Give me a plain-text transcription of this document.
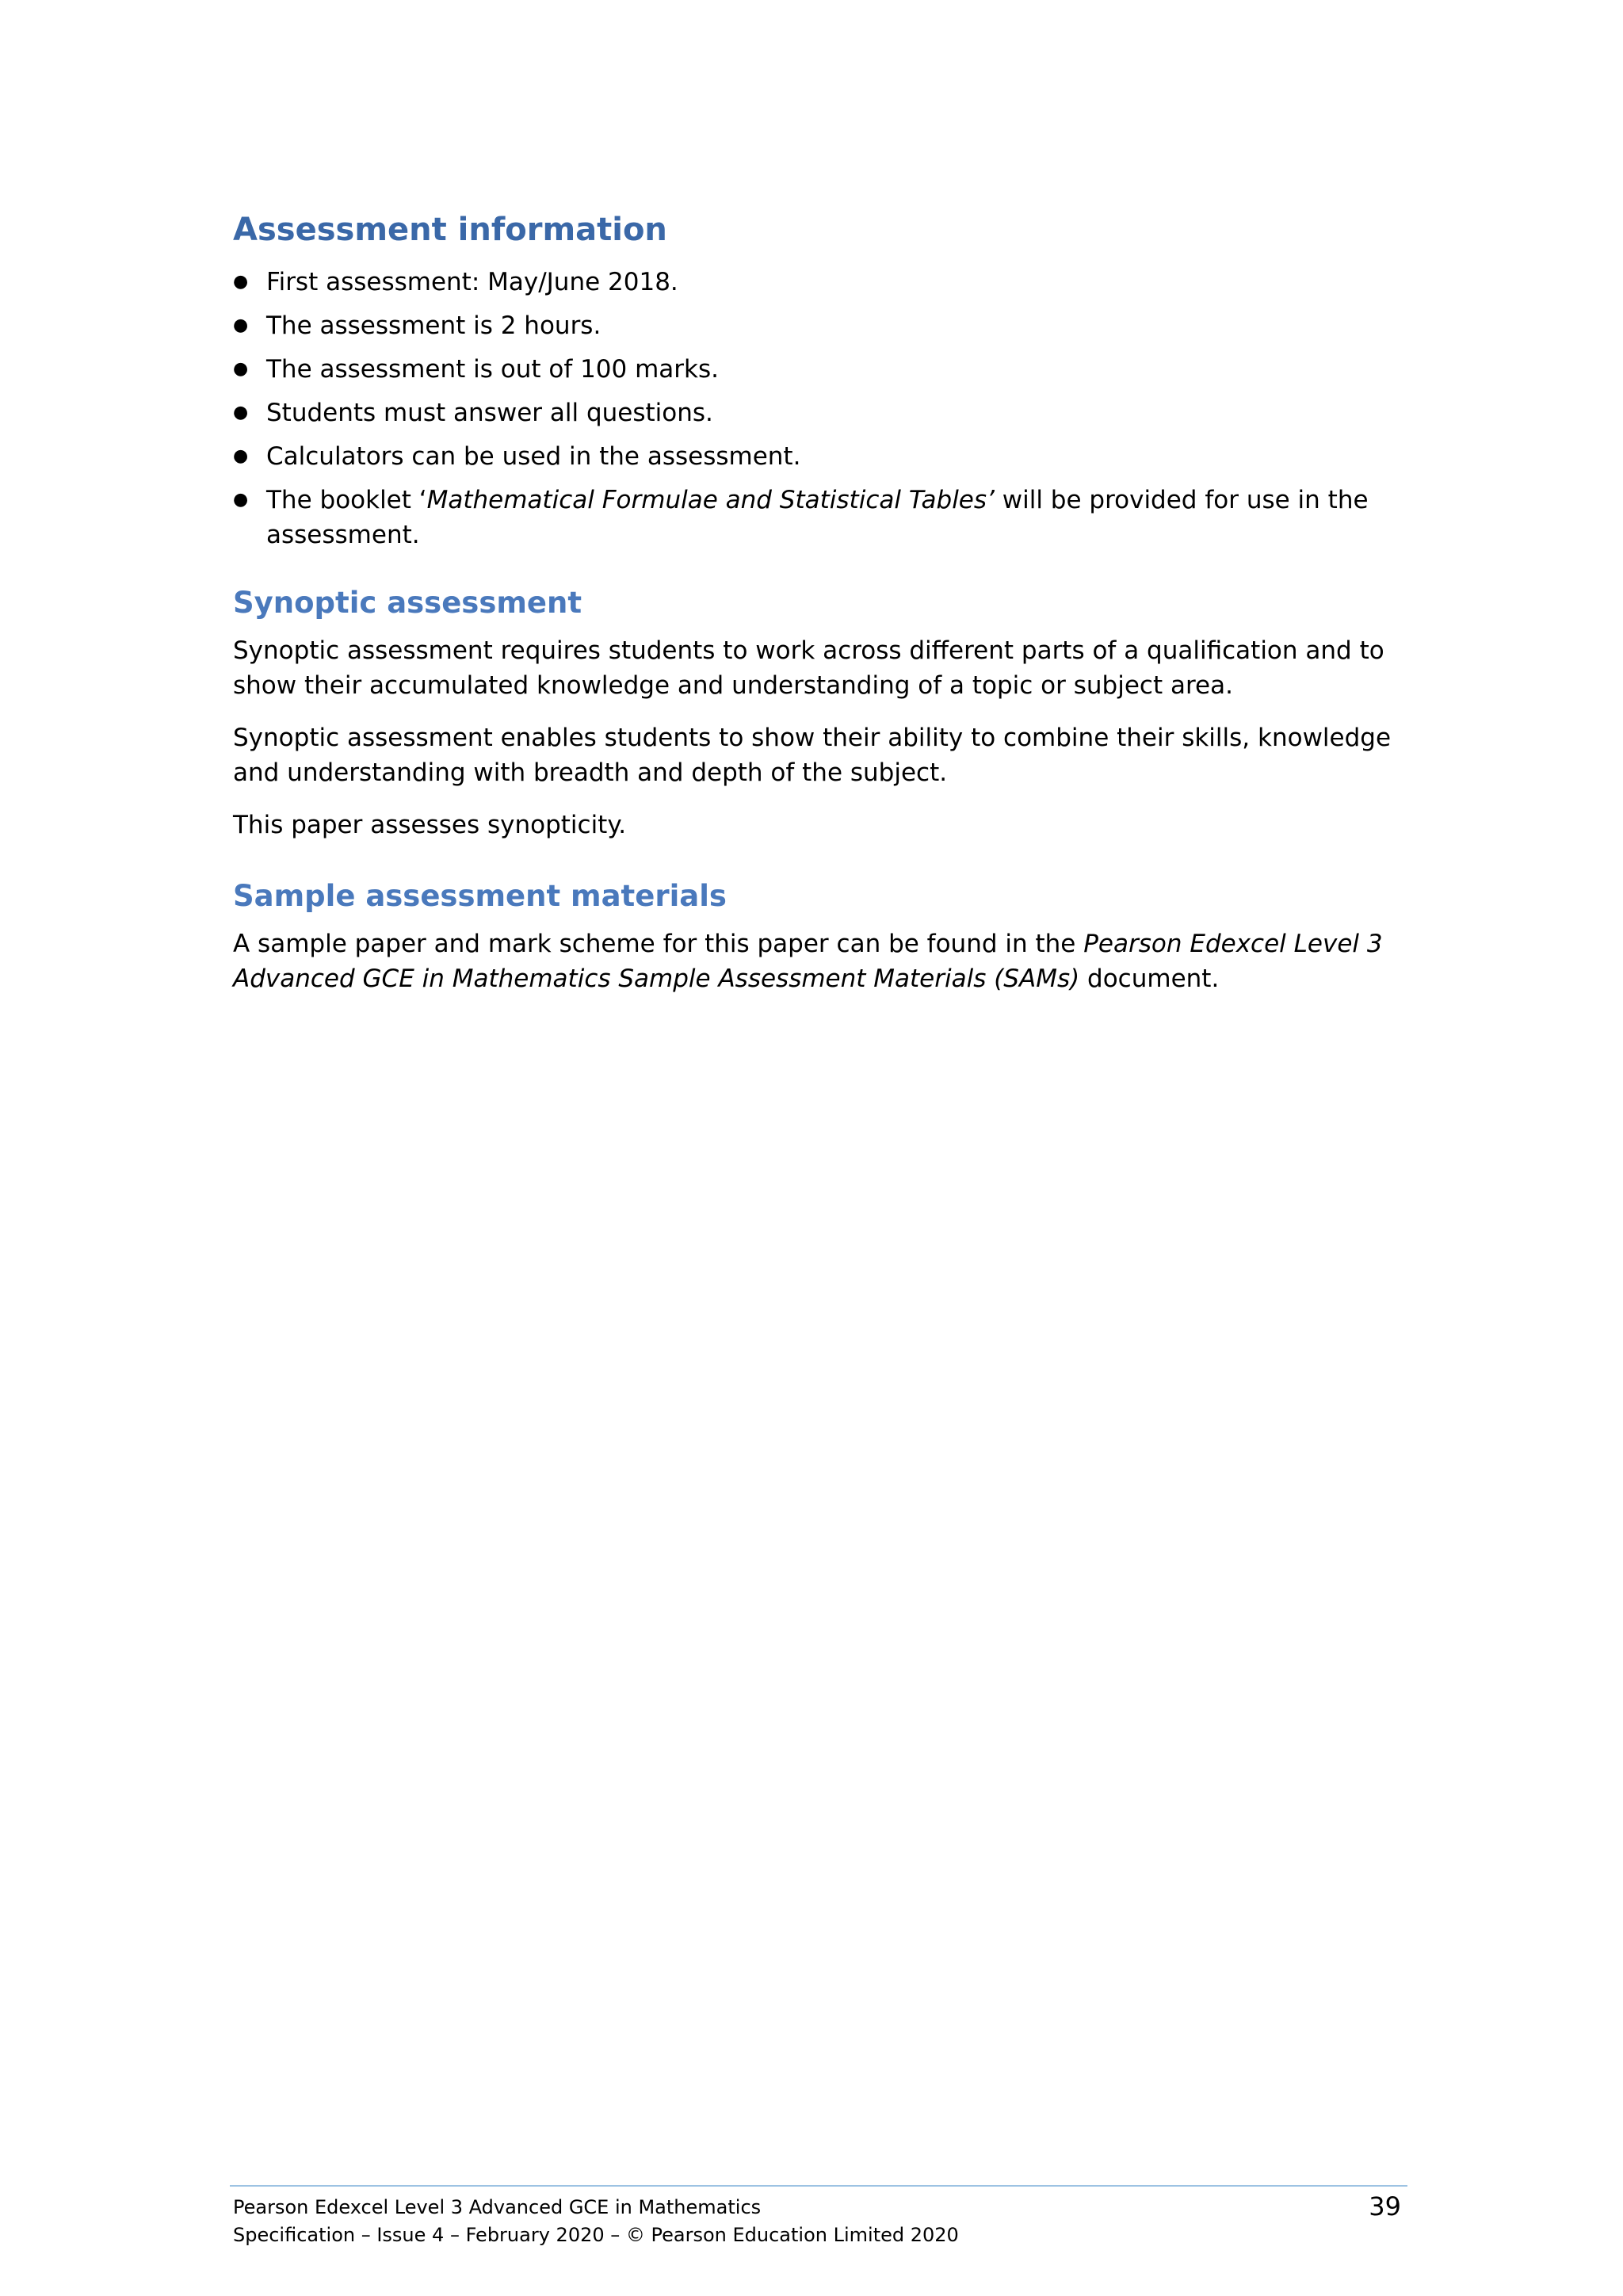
Assessment information
● First assessment: May/June 2018.
● The assessment is 2 hours.
● The assessment is out of 100 marks.
● Students must answer all questions.
● Calculators can be used in the assessment.
● The booklet ‘Mathematical Formulae and Statistical Tables’ will be provided for use in the assessment.
Synoptic assessment

Synoptic assessment requires students to work across different parts of a qualification and to show their accumulated knowledge and understanding of a topic or subject area.

Synoptic assessment enables students to show their ability to combine their skills, knowledge and understanding with breadth and depth of the subject.

This paper assesses synopticity.

Sample assessment materials

A sample paper and mark scheme for this paper can be found in the Pearson Edexcel Level 3 Advanced GCE in Mathematics Sample Assessment Materials (SAMs) document.

Pearson Edexcel Level 3 Advanced GCE in Mathematics
Specification – Issue 4 – February 2020 – © Pearson Education Limited 2020
39
